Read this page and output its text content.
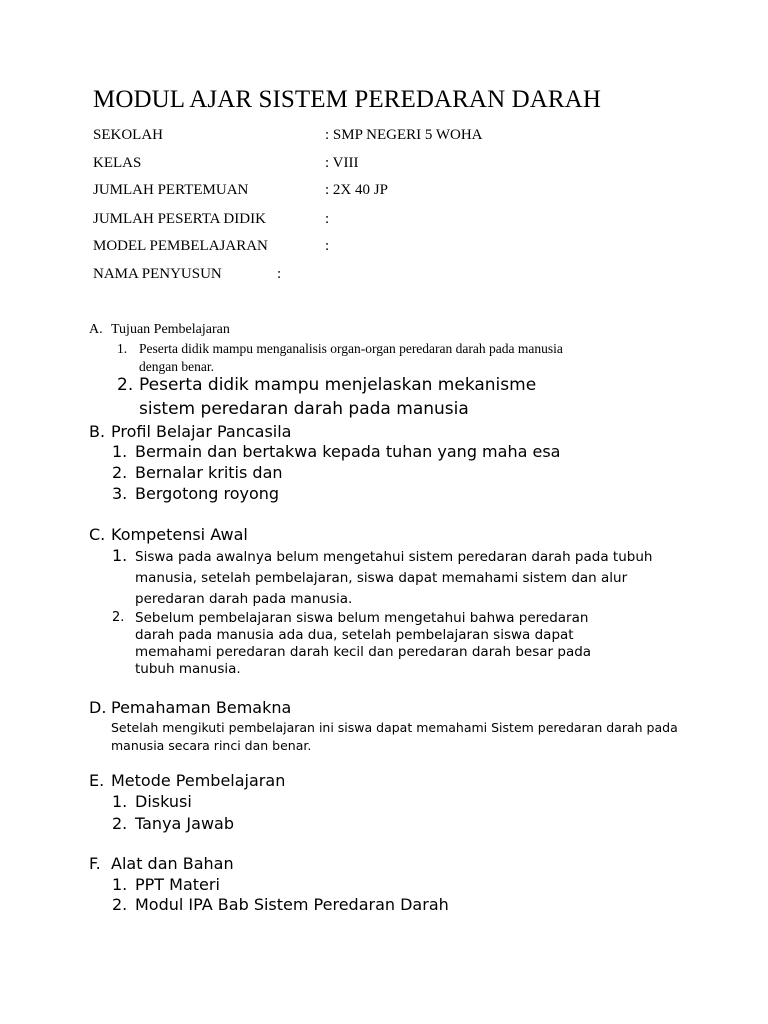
MODUL AJAR SISTEM PEREDARAN DARAH
SEKOLAH	: SMP NEGERI 5 WOHA
KELAS	: VIII
JUMLAH PERTEMUAN	: 2X 40 JP
JUMLAH PESERTA DIDIK	:
MODEL PEMBELAJARAN	:
NAMA PENYUSUN	:
A. Tujuan Pembelajaran
1. Peserta didik mampu menganalisis organ-organ peredaran darah pada manusia
dengan benar.
2. Peserta didik mampu menjelaskan mekanisme
sistem peredaran darah pada manusia
B. Profil Belajar Pancasila
1. Bermain dan bertakwa kepada tuhan yang maha esa
2. Bernalar kritis dan
3. Bergotong royong
C. Kompetensi Awal
1. Siswa pada awalnya belum mengetahui sistem peredaran darah pada tubuh
manusia, setelah pembelajaran, siswa dapat memahami sistem dan alur
peredaran darah pada manusia.
2. Sebelum pembelajaran siswa belum mengetahui bahwa peredaran
darah pada manusia ada dua, setelah pembelajaran siswa dapat
memahami peredaran darah kecil dan peredaran darah besar pada
tubuh manusia.
D. Pemahaman Bemakna
Setelah mengikuti pembelajaran ini siswa dapat memahami Sistem peredaran darah pada
manusia secara rinci dan benar.
E. Metode Pembelajaran
1. Diskusi
2. Tanya Jawab
F. Alat dan Bahan
1. PPT Materi
2. Modul IPA Bab Sistem Peredaran Darah
